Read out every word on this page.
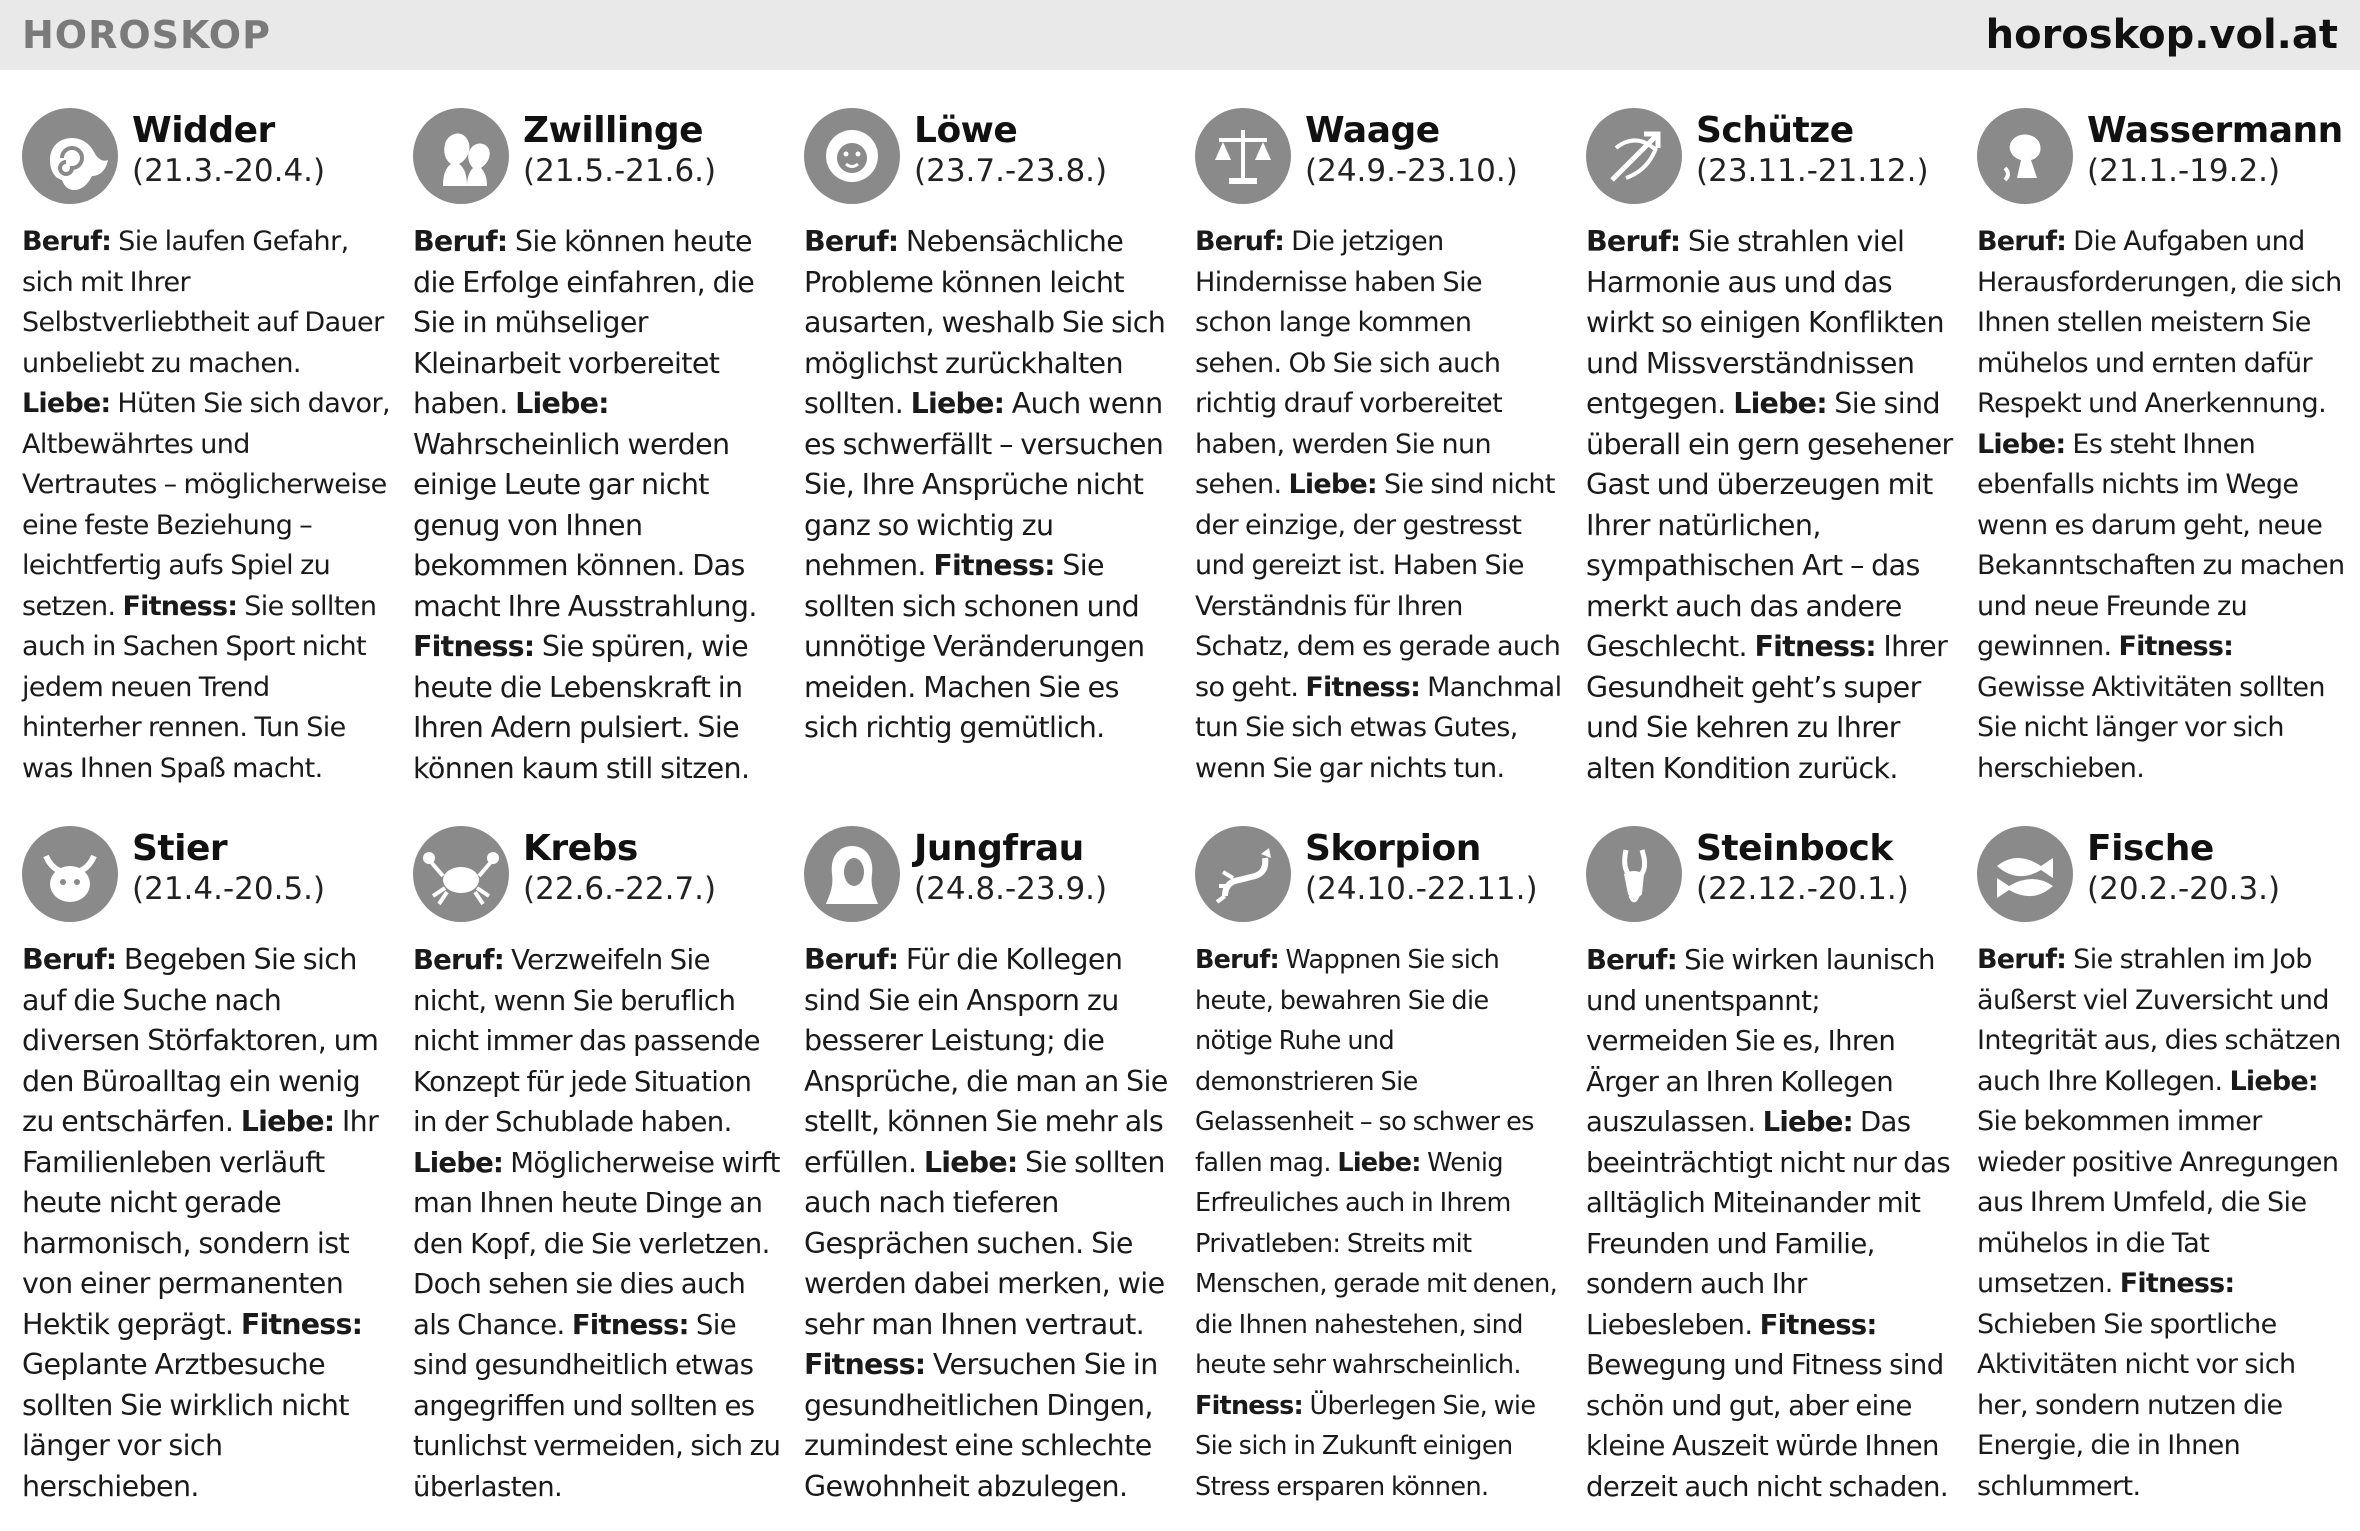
HOROSKOP	horoskop.vol.at
Widder
(21.3.-20.4.)
Beruf: Sie laufen Gefahr, sich mit Ihrer Selbstverliebtheit auf Dauer unbeliebt zu machen. Liebe: Hüten Sie sich davor, Altbewährtes und Vertrautes – möglicherweise eine feste Beziehung – leichtfertig aufs Spiel zu setzen. Fitness: Sie sollten auch in Sachen Sport nicht jedem neuen Trend hinterher rennen. Tun Sie was Ihnen Spaß macht.
Zwillinge
(21.5.-21.6.)
Beruf: Sie können heute die Erfolge einfahren, die Sie in mühseliger Kleinarbeit vorbereitet haben. Liebe: Wahrscheinlich werden einige Leute gar nicht genug von Ihnen bekommen können. Das macht Ihre Ausstrahlung. Fitness: Sie spüren, wie heute die Lebenskraft in Ihren Adern pulsiert. Sie können kaum still sitzen.
Löwe
(23.7.-23.8.)
Beruf: Nebensächliche Probleme können leicht ausarten, weshalb Sie sich möglichst zurückhalten sollten. Liebe: Auch wenn es schwerfällt – versuchen Sie, Ihre Ansprüche nicht ganz so wichtig zu nehmen. Fitness: Sie sollten sich schonen und unnötige Veränderungen meiden. Machen Sie es sich richtig gemütlich.
Waage
(24.9.-23.10.)
Beruf: Die jetzigen Hindernisse haben Sie schon lange kommen sehen. Ob Sie sich auch richtig drauf vorbereitet haben, werden Sie nun sehen. Liebe: Sie sind nicht der einzige, der gestresst und gereizt ist. Haben Sie Verständnis für Ihren Schatz, dem es gerade auch so geht. Fitness: Manchmal tun Sie sich etwas Gutes, wenn Sie gar nichts tun.
Schütze
(23.11.-21.12.)
Beruf: Sie strahlen viel Harmonie aus und das wirkt so einigen Konflikten und Missverständnissen entgegen. Liebe: Sie sind überall ein gern gesehener Gast und überzeugen mit Ihrer natürlichen, sympathischen Art – das merkt auch das andere Geschlecht. Fitness: Ihrer Gesundheit geht’s super und Sie kehren zu Ihrer alten Kondition zurück.
Wassermann
(21.1.-19.2.)
Beruf: Die Aufgaben und Herausforderungen, die sich Ihnen stellen meistern Sie mühelos und ernten dafür Respekt und Anerkennung. Liebe: Es steht Ihnen ebenfalls nichts im Wege wenn es darum geht, neue Bekanntschaften zu machen und neue Freunde zu gewinnen. Fitness: Gewisse Aktivitäten sollten Sie nicht länger vor sich herschieben.
Stier
(21.4.-20.5.)
Beruf: Begeben Sie sich auf die Suche nach diversen Störfaktoren, um den Büroalltag ein wenig zu entschärfen. Liebe: Ihr Familienleben verläuft heute nicht gerade harmonisch, sondern ist von einer permanenten Hektik geprägt. Fitness: Geplante Arztbesuche sollten Sie wirklich nicht länger vor sich herschieben.
Krebs
(22.6.-22.7.)
Beruf: Verzweifeln Sie nicht, wenn Sie beruflich nicht immer das passende Konzept für jede Situation in der Schublade haben. Liebe: Möglicherweise wirft man Ihnen heute Dinge an den Kopf, die Sie verletzen. Doch sehen sie dies auch als Chance. Fitness: Sie sind gesundheitlich etwas angegriffen und sollten es tunlichst vermeiden, sich zu überlasten.
Jungfrau
(24.8.-23.9.)
Beruf: Für die Kollegen sind Sie ein Ansporn zu besserer Leistung; die Ansprüche, die man an Sie stellt, können Sie mehr als erfüllen. Liebe: Sie sollten auch nach tieferen Gesprächen suchen. Sie werden dabei merken, wie sehr man Ihnen vertraut. Fitness: Versuchen Sie in gesundheitlichen Dingen, zumindest eine schlechte Gewohnheit abzulegen.
Skorpion
(24.10.-22.11.)
Beruf: Wappnen Sie sich heute, bewahren Sie die nötige Ruhe und demonstrieren Sie Gelassenheit – so schwer es fallen mag. Liebe: Wenig Erfreuliches auch in Ihrem Privatleben: Streits mit Menschen, gerade mit denen, die Ihnen nahestehen, sind heute sehr wahrscheinlich. Fitness: Überlegen Sie, wie Sie sich in Zukunft einigen Stress ersparen können.
Steinbock
(22.12.-20.1.)
Beruf: Sie wirken launisch und unentspannt; vermeiden Sie es, Ihren Ärger an Ihren Kollegen auszulassen. Liebe: Das beeinträchtigt nicht nur das alltäglich Miteinander mit Freunden und Familie, sondern auch Ihr Liebesleben. Fitness: Bewegung und Fitness sind schön und gut, aber eine kleine Auszeit würde Ihnen derzeit auch nicht schaden.
Fische
(20.2.-20.3.)
Beruf: Sie strahlen im Job äußerst viel Zuversicht und Integrität aus, dies schätzen auch Ihre Kollegen. Liebe: Sie bekommen immer wieder positive Anregungen aus Ihrem Umfeld, die Sie mühelos in die Tat umsetzen. Fitness: Schieben Sie sportliche Aktivitäten nicht vor sich her, sondern nutzen die Energie, die in Ihnen schlummert.
